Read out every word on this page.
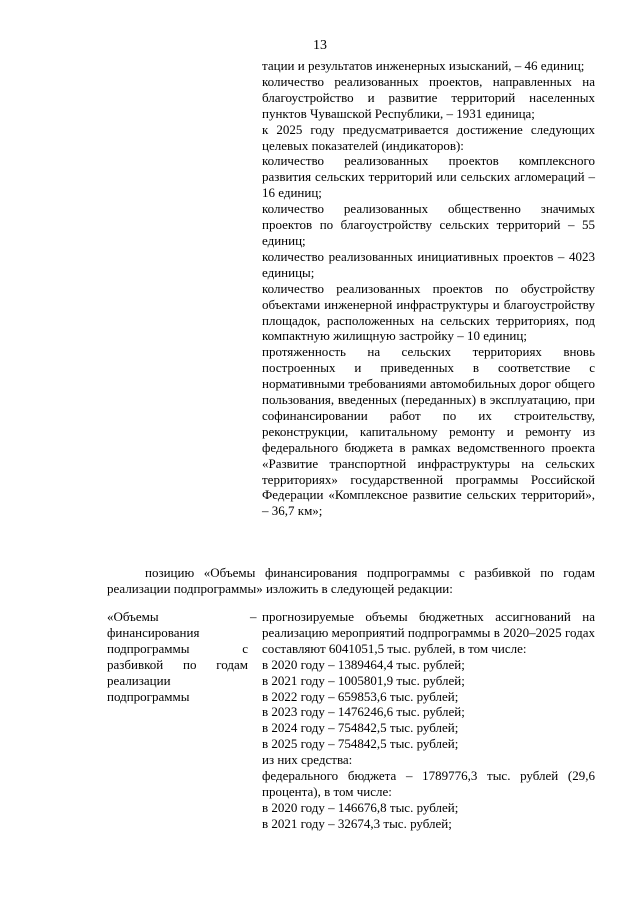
13

тации и результатов инженерных изысканий, – 46 единиц;

количество реализованных проектов, направленных на благоустройство и развитие территорий населенных пунктов Чувашской Республики, – 1931 единица;

к 2025 году предусматривается достижение следующих целевых показателей (индикаторов):

количество реализованных проектов комплексного развития сельских территорий или сельских агломераций – 16 единиц;

количество реализованных общественно значимых проектов по благоустройству сельских территорий – 55 единиц;

количество реализованных инициативных проектов – 4023 единицы;

количество реализованных проектов по обустройству объектами инженерной инфраструктуры и благоустройству площадок, расположенных на сельских территориях, под компактную жилищную застройку – 10 единиц;

протяженность на сельских территориях вновь построенных и приведенных в соответствие с нормативными требованиями автомобильных дорог общего пользования, введенных (переданных) в эксплуатацию, при софинансировании работ по их строительству, реконструкции, капитальному ремонту и ремонту из федерального бюджета в рамках ведомственного проекта «Развитие транспортной инфраструктуры на сельских территориях» государственной программы Российской Федерации «Комплексное развитие сельских территорий», – 36,7 км»;

позицию «Объемы финансирования подпрограммы с разбивкой по годам реализации подпрограммы» изложить в следующей редакции:

«Объемы финансирования подпрограммы с разбивкой по годам реализации подпрограммы

– прогнозируемые объемы бюджетных ассигнований на реализацию мероприятий подпрограммы в 2020–2025 годах составляют 6041051,5 тыс. рублей, в том числе:

в 2020 году – 1389464,4 тыс. рублей;

в 2021 году – 1005801,9 тыс. рублей;

в 2022 году – 659853,6 тыс. рублей;

в 2023 году – 1476246,6 тыс. рублей;

в 2024 году – 754842,5 тыс. рублей;

в 2025 году – 754842,5 тыс. рублей;

из них средства:

федерального бюджета – 1789776,3 тыс. рублей (29,6 процента), в том числе:

в 2020 году – 146676,8 тыс. рублей;

в 2021 году – 32674,3 тыс. рублей;
